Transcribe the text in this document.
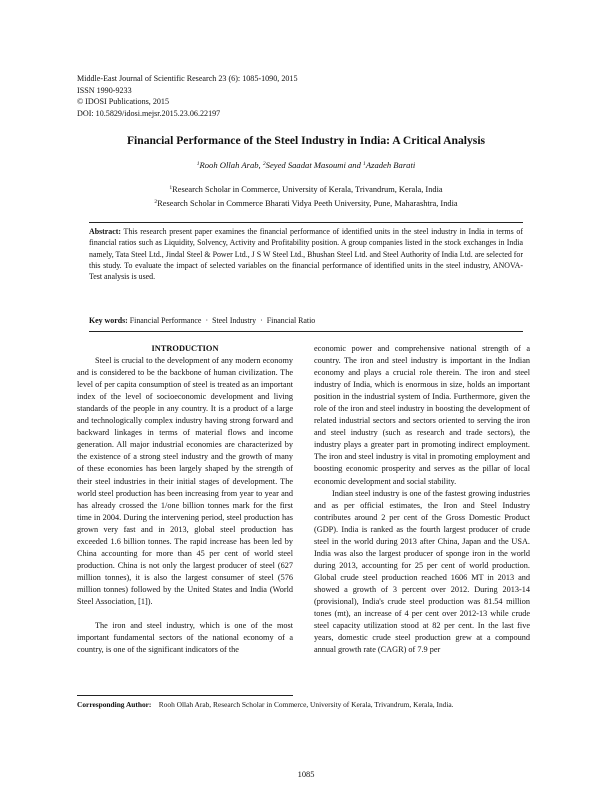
Middle-East Journal of Scientific Research 23 (6): 1085-1090, 2015
ISSN 1990-9233
© IDOSI Publications, 2015
DOI: 10.5829/idosi.mejsr.2015.23.06.22197
Financial Performance of the Steel Industry in India: A Critical Analysis
$^1$Rooh Ollah Arab, $^2$Seyed Saadat Masoumi and $^1$Azadeh Barati
$^1$Research Scholar in Commerce, University of Kerala, Trivandrum, Kerala, India
$^2$Research Scholar in Commerce Bharati Vidya Peeth University, Pune, Maharashtra, India
Abstract: This research present paper examines the financial performance of identified units in the steel industry in India in terms of financial ratios such as Liquidity, Solvency, Activity and Profitability position. A group companies listed in the stock exchanges in India namely, Tata Steel Ltd., Jindal Steel & Power Ltd., J S W Steel Ltd., Bhushan Steel Ltd. and Steel Authority of India Ltd. are selected for this study. To evaluate the impact of selected variables on the financial performance of identified units in the steel industry, ANOVA- Test analysis is used.
Key words: Financial Performance · Steel Industry · Financial Ratio

INTRODUCTION

Steel is crucial to the development of any modern economy and is considered to be the backbone of human civilization. The level of per capita consumption of steel is treated as an important index of the level of socioeconomic development and living standards of the people in any country. It is a product of a large and technologically complex industry having strong forward and backward linkages in terms of material flows and income generation. All major industrial economies are characterized by the existence of a strong steel industry and the growth of many of these economies has been largely shaped by the strength of their steel industries in their initial stages of development. The world steel production has been increasing from year to year and has already crossed the 1/one billion tonnes mark for the first time in 2004. During the intervening period, steel production has grown very fast and in 2013, global steel production has exceeded 1.6 billion tonnes. The rapid increase has been led by China accounting for more than 45 per cent of world steel production. China is not only the largest producer of steel (627 million tonnes), it is also the largest consumer of steel (576 million tonnes) followed by the United States and India (World Steel Association, [1]).

The iron and steel industry, which is one of the most important fundamental sectors of the national economy of a country, is one of the significant indicators of the

economic power and comprehensive national strength of a country. The iron and steel industry is important in the Indian economy and plays a crucial role therein. The iron and steel industry of India, which is enormous in size, holds an important position in the industrial system of India. Furthermore, given the role of the iron and steel industry in boosting the development of related industrial sectors and sectors oriented to serving the iron and steel industry (such as research and trade sectors), the industry plays a greater part in promoting indirect employment. The iron and steel industry is vital in promoting employment and boosting economic prosperity and serves as the pillar of local economic development and social stability.

Indian steel industry is one of the fastest growing industries and as per official estimates, the Iron and Steel Industry contributes around 2 per cent of the Gross Domestic Product (GDP). India is ranked as the fourth largest producer of crude steel in the world during 2013 after China, Japan and the USA. India was also the largest producer of sponge iron in the world during 2013, accounting for 25 per cent of world production. Global crude steel production reached 1606 MT in 2013 and showed a growth of 3 percent over 2012. During 2013-14 (provisional), India's crude steel production was 81.54 million tones (mt), an increase of 4 per cent over 2012-13 while crude steel capacity utilization stood at 82 per cent. In the last five years, domestic crude steel production grew at a compound annual growth rate (CAGR) of 7.9 per

Corresponding Author: Rooh Ollah Arab, Research Scholar in Commerce, University of Kerala, Trivandrum, Kerala, India.
1085
